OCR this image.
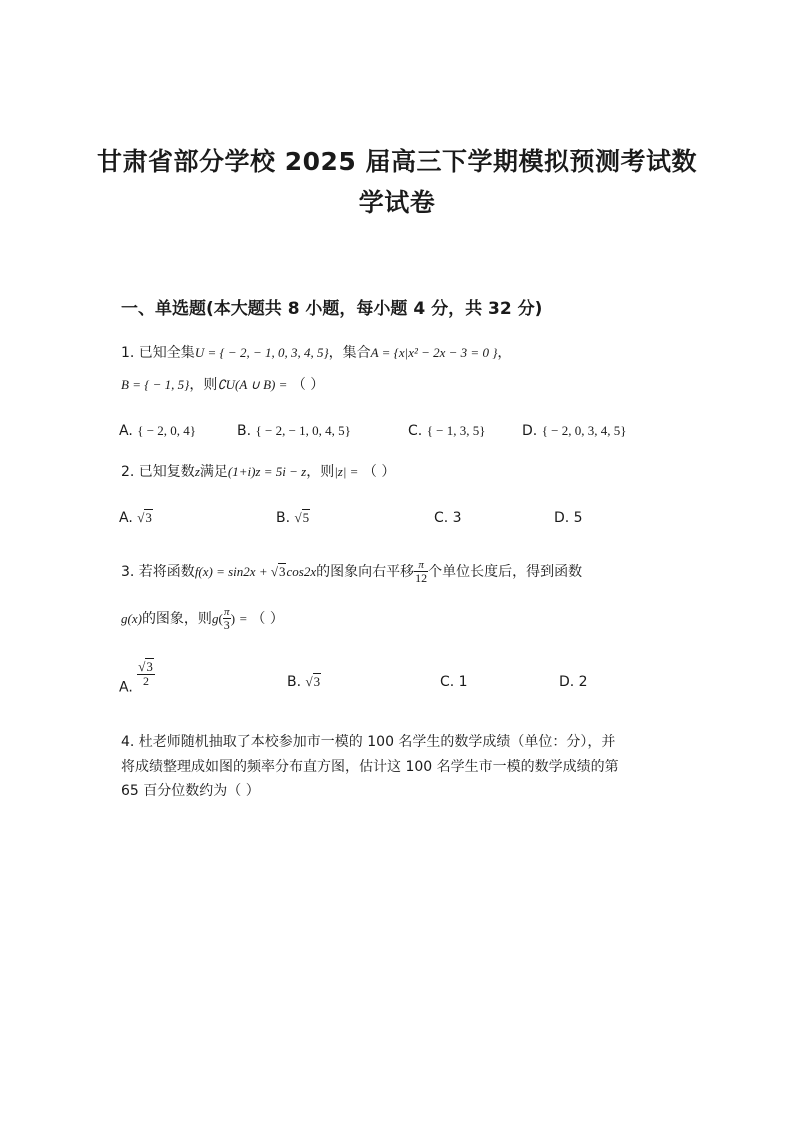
甘肃省部分学校 2025 届高三下学期模拟预测考试数
学试卷
一、单选题(本大题共 8 小题，每小题 4 分，共 32 分)
1. 已知全集U = { − 2, − 1, 0, 3, 4, 5}，集合A = {x|x² − 2x − 3 = 0 }，
B = { − 1, 5}，则∁U(A ∪ B) = （ ）
A. { − 2, 0, 4}	B. { − 2, − 1, 0, 4, 5}	C. { − 1, 3, 5}	D. { − 2, 0, 3, 4, 5}
2. 已知复数z满足(1+i)z = 5i − z，则|z| = （ ）
A. √3	B. √5	C. 3	D. 5
3. 若将函数f(x) = sin2x + √3cos2x的图象向右平移 $\frac{\pi}{12}$ 个单位长度后，得到函数
g(x)的图象，则$g( \frac{\pi}{3}$ ) = （ ）
A.
$\frac{√3}{2}$	B. √3	C. 1	D. 2
4. 杜老师随机抽取了本校参加市一模的 100 名学生的数学成绩（单位：分），并
将成绩整理成如图的频率分布直方图，估计这 100 名学生市一模的数学成绩的第
65 百分位数约为（ ）
